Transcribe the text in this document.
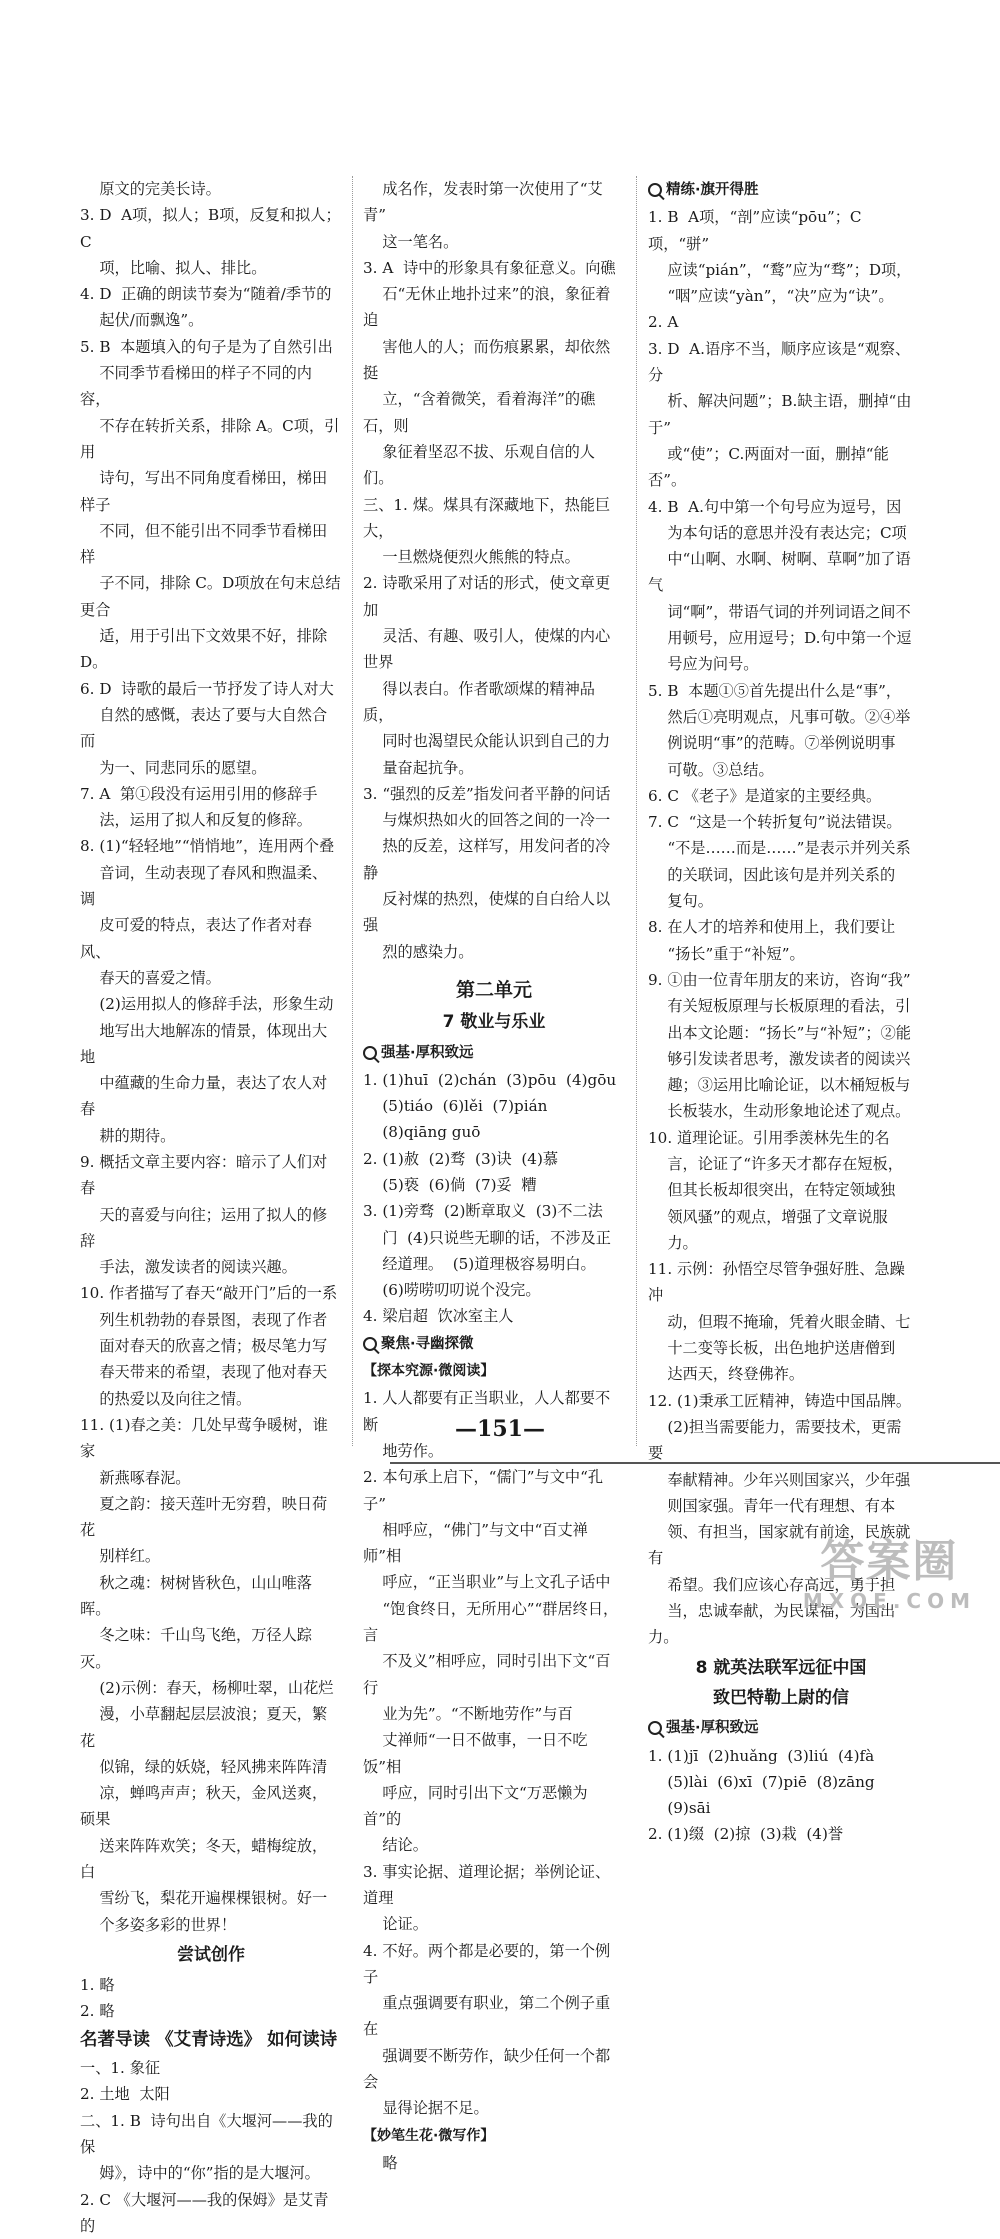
原文的完美长诗。
3. D  A项，拟人；B项，反复和拟人；C
项，比喻、拟人、排比。
4. D  正确的朗读节奏为“随着/季节的
起伏/而飘逸”。
5. B  本题填入的句子是为了自然引出
不同季节看梯田的样子不同的内容，
不存在转折关系，排除 A。C项，引用
诗句，写出不同角度看梯田，梯田样子
不同，但不能引出不同季节看梯田样
子不同，排除 C。D项放在句末总结更合
适，用于引出下文效果不好，排除 D。
6. D  诗歌的最后一节抒发了诗人对大
自然的感慨，表达了要与大自然合而
为一、同悲同乐的愿望。
7. A  第①段没有运用引用的修辞手
法，运用了拟人和反复的修辞。
8. (1)“轻轻地”“悄悄地”，连用两个叠
音词，生动表现了春风和煦温柔、调
皮可爱的特点，表达了作者对春风、
春天的喜爱之情。
(2)运用拟人的修辞手法，形象生动
地写出大地解冻的情景，体现出大地
中蕴藏的生命力量，表达了农人对春
耕的期待。
9. 概括文章主要内容：暗示了人们对春
天的喜爱与向往；运用了拟人的修辞
手法，激发读者的阅读兴趣。
10. 作者描写了春天“敲开门”后的一系
列生机勃勃的春景图，表现了作者
面对春天的欣喜之情；极尽笔力写
春天带来的希望，表现了他对春天
的热爱以及向往之情。
11. (1)春之美：几处早莺争暖树，谁家
新燕啄春泥。
夏之韵：接天莲叶无穷碧，映日荷花
别样红。
秋之魂：树树皆秋色，山山唯落晖。
冬之味：千山鸟飞绝，万径人踪灭。
(2)示例：春天，杨柳吐翠，山花烂
漫，小草翻起层层波浪；夏天，繁花
似锦，绿的妖娆，轻风拂来阵阵清
凉，蝉鸣声声；秋天，金风送爽，硕果
送来阵阵欢笑；冬天，蜡梅绽放，白
雪纷飞，梨花开遍棵棵银树。好一
个多姿多彩的世界！
尝试创作
1. 略
2. 略
名著导读 《艾青诗选》 如何读诗
一、1. 象征
2. 土地  太阳
二、1. B  诗句出自《大堰河——我的保
姆》，诗中的“你”指的是大堰河。
2. C 《大堰河——我的保姆》是艾青的
成名作，发表时第一次使用了“艾青”
这一笔名。
3. A  诗中的形象具有象征意义。向礁
石“无休止地扑过来”的浪，象征着迫
害他人的人；而伤痕累累，却依然挺
立，“含着微笑，看着海洋”的礁石，则
象征着坚忍不拔、乐观自信的人们。
三、1. 煤。煤具有深藏地下，热能巨大，
一旦燃烧便烈火熊熊的特点。
2. 诗歌采用了对话的形式，使文章更加
灵活、有趣、吸引人，使煤的内心世界
得以表白。作者歌颂煤的精神品质，
同时也渴望民众能认识到自己的力
量奋起抗争。
3. “强烈的反差”指发问者平静的问话
与煤炽热如火的回答之间的一冷一
热的反差，这样写，用发问者的冷静
反衬煤的热烈，使煤的自白给人以强
烈的感染力。
第二单元
7 敬业与乐业
强基·厚积致远
1. (1)huī  (2)chán  (3)pōu  (4)gōu
(5)tiáo  (6)lěi  (7)pián
(8)qiāng guō
2. (1)赦  (2)骛  (3)诀  (4)慕
(5)亵  (6)倘  (7)妥  糟
3. (1)旁骛  (2)断章取义  (3)不二法
门  (4)只说些无聊的话，不涉及正
经道理。  (5)道理极容易明白。
(6)唠唠叨叨说个没完。
4. 梁启超  饮冰室主人
聚焦·寻幽探微
【探本究源·微阅读】
1. 人人都要有正当职业，人人都要不断
地劳作。
2. 本句承上启下，“儒门”与文中“孔子”
相呼应，“佛门”与文中“百丈禅师”相
呼应，“正当职业”与上文孔子话中
“饱食终日，无所用心”“群居终日，言
不及义”相呼应，同时引出下文“百行
业为先”。“不断地劳作”与百
丈禅师“一日不做事，一日不吃饭”相
呼应，同时引出下文“万恶懒为首”的
结论。
3. 事实论据、道理论据；举例论证、道理
论证。
4. 不好。两个都是必要的，第一个例子
重点强调要有职业，第二个例子重在
强调要不断劳作，缺少任何一个都会
显得论据不足。
【妙笔生花·微写作】
略
精练·旗开得胜
1. B  A项，“剖”应读“pōu”；C项，“骈”
应读“pián”，“鹜”应为“骛”；D项，
“咽”应读“yàn”，“决”应为“诀”。
2. A
3. D  A.语序不当，顺序应该是“观察、分
析、解决问题”；B.缺主语，删掉“由于”
或“使”；C.两面对一面，删掉“能否”。
4. B  A.句中第一个句号应为逗号，因
为本句话的意思并没有表达完；C项
中“山啊、水啊、树啊、草啊”加了语气
词“啊”，带语气词的并列词语之间不
用顿号，应用逗号；D.句中第一个逗
号应为问号。
5. B  本题①⑤首先提出什么是“事”，
然后①亮明观点，凡事可敬。②④举
例说明“事”的范畴。⑦举例说明事
可敬。③总结。
6. C 《老子》是道家的主要经典。
7. C  “这是一个转折复句”说法错误。
“不是……而是……”是表示并列关系
的关联词，因此该句是并列关系的
复句。
8. 在人才的培养和使用上，我们要让
“扬长”重于“补短”。
9. ①由一位青年朋友的来访，咨询“我”
有关短板原理与长板原理的看法，引
出本文论题：“扬长”与“补短”；②能
够引发读者思考，激发读者的阅读兴
趣；③运用比喻论证，以木桶短板与
长板装水，生动形象地论述了观点。
10. 道理论证。引用季羡林先生的名
言，论证了“许多天才都存在短板，
但其长板却很突出，在特定领域独
领风骚”的观点，增强了文章说服
力。
11. 示例：孙悟空尽管争强好胜、急躁冲
动，但瑕不掩瑜，凭着火眼金睛、七
十二变等长板，出色地护送唐僧到
达西天，终登佛祚。
12. (1)秉承工匠精神，铸造中国品牌。
(2)担当需要能力，需要技术，更需要
奉献精神。少年兴则国家兴，少年强
则国家强。青年一代有理想、有本
领、有担当，国家就有前途，民族就有
希望。我们应该心存高远，勇于担
当，忠诚奉献，为民谋福，为国出力。
8 就英法联军远征中国
致巴特勒上尉的信
强基·厚积致远
1. (1)jī  (2)huǎng  (3)liú  (4)fà
(5)lài  (6)xī  (7)piē  (8)zāng
(9)sāi
2. (1)缀  (2)掠  (3)栽  (4)誉
—151—
答案圈
MXQE.COM
